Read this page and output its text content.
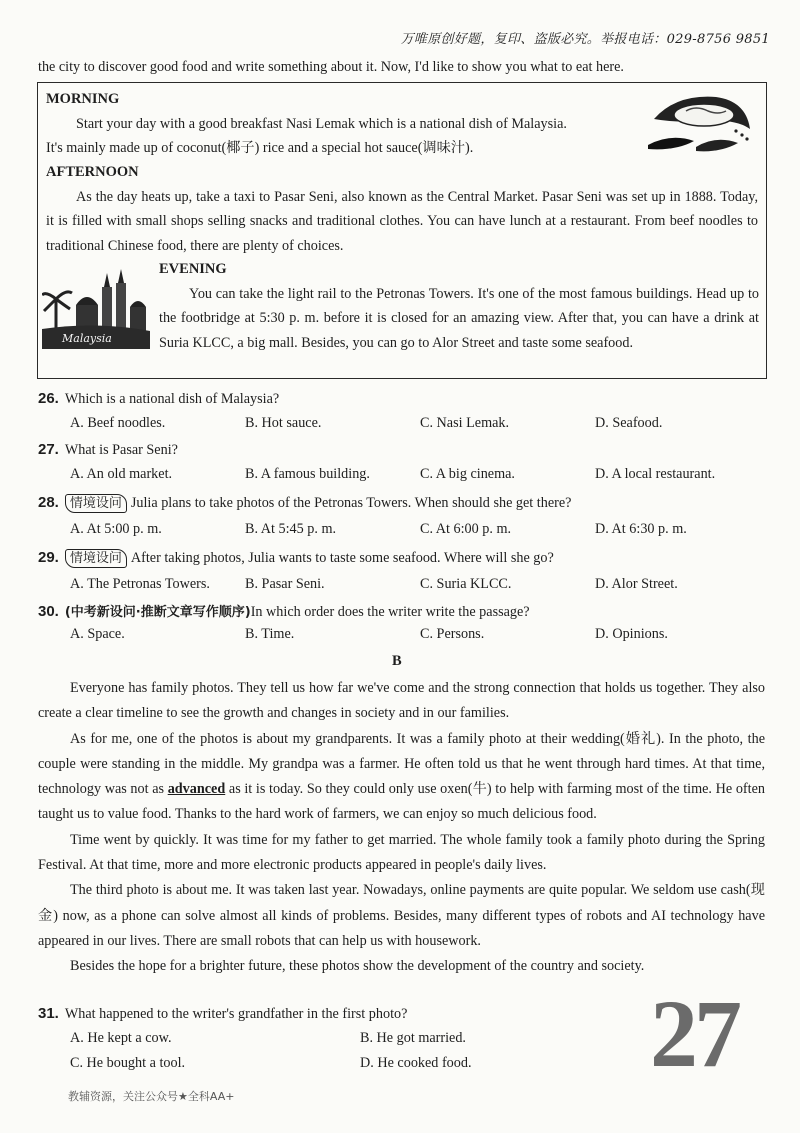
万唯原创好题，复印、盗版必究。举报电话：029-8756 9851
the city to discover good food and write something about it. Now, I'd like to show you what to eat here.
MORNING
Start your day with a good breakfast Nasi Lemak which is a national dish of Malaysia.
It's mainly made up of coconut(椰子) rice and a special hot sauce(调味汁).
AFTERNOON
As the day heats up, take a taxi to Pasar Seni, also known as the Central Market. Pasar Seni was set up in 1888. Today, it is filled with small shops selling snacks and traditional clothes. You can have lunch at a restaurant. From beef noodles to traditional Chinese food, there are plenty of choices.
EVENING
You can take the light rail to the Petronas Towers. It's one of the most famous buildings. Head up to the footbridge at 5:30 p. m. before it is closed for an amazing view. After that, you can have a drink at Suria KLCC, a big mall. Besides, you can go to Alor Street and taste some seafood.
Malaysia
26. Which is a national dish of Malaysia?
A. Beef noodles.	B. Hot sauce.	C. Nasi Lemak.	D. Seafood.
27. What is Pasar Seni?
A. An old market.	B. A famous building.	C. A big cinema.	D. A local restaurant.
28. 情境设问 Julia plans to take photos of the Petronas Towers. When should she get there?
A. At 5:00 p. m.	B. At 5:45 p. m.	C. At 6:00 p. m.	D. At 6:30 p. m.
29. 情境设问 After taking photos, Julia wants to taste some seafood. Where will she go?
A. The Petronas Towers.	B. Pasar Seni.	C. Suria KLCC.	D. Alor Street.
30. (中考新设问·推断文章写作顺序)In which order does the writer write the passage?
A. Space.	B. Time.	C. Persons.	D. Opinions.
B

Everyone has family photos. They tell us how far we've come and the strong connection that holds us together. They also create a clear timeline to see the growth and changes in society and in our families.

As for me, one of the photos is about my grandparents. It was a family photo at their wedding(婚礼). In the photo, the couple were standing in the middle. My grandpa was a farmer. He often told us that he went through hard times. At that time, technology was not as advanced as it is today. So they could only use oxen(牛) to help with farming most of the time. He often taught us to value food. Thanks to the hard work of farmers, we can enjoy so much delicious food.

Time went by quickly. It was time for my father to get married. The whole family took a family photo during the Spring Festival. At that time, more and more electronic products appeared in people's daily lives.

The third photo is about me. It was taken last year. Nowadays, online payments are quite popular. We seldom use cash(现金) now, as a phone can solve almost all kinds of problems. Besides, many different types of robots and AI technology have appeared in our lives. There are small robots that can help us with housework.

Besides the hope for a brighter future, these photos show the development of the country and society.

27
31. What happened to the writer's grandfather in the first photo?
A. He kept a cow.	B. He got married.
C. He bought a tool.	D. He cooked food.
教辅资源，关注公众号★全科AA+
